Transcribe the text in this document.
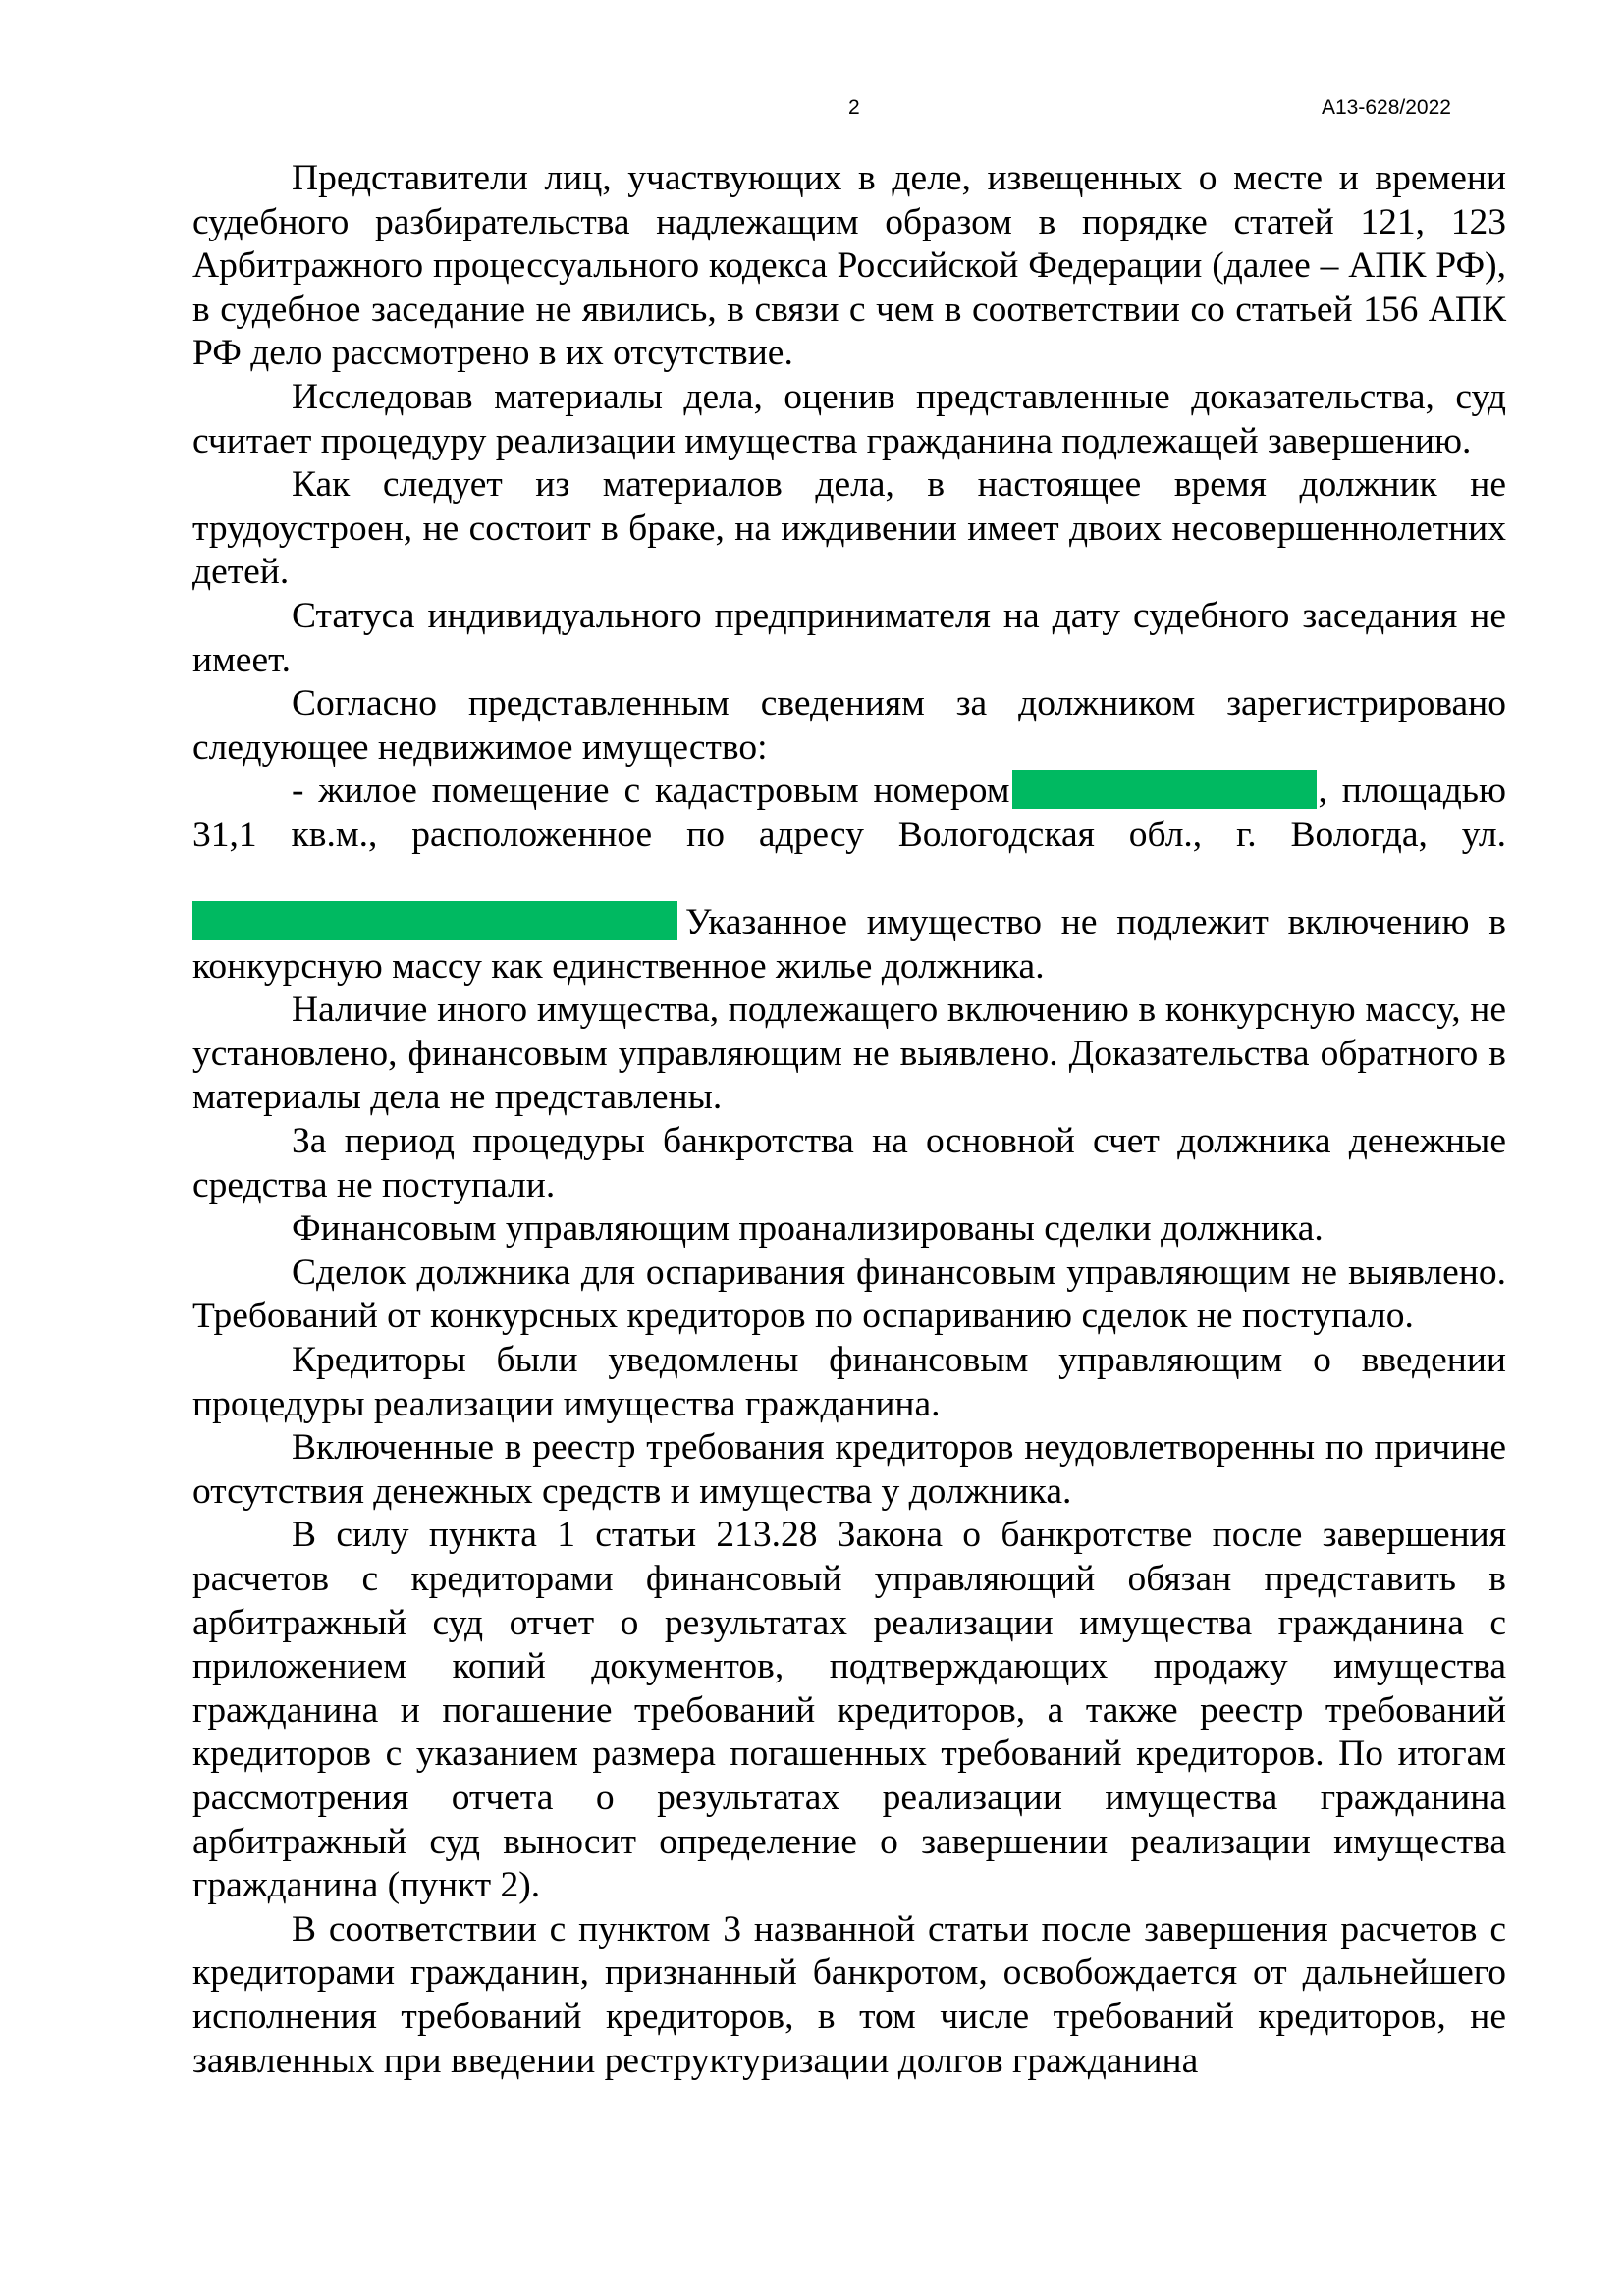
2	А13-628/2022

Представители лиц, участвующих в деле, извещенных о месте и времени судебного разбирательства надлежащим образом в порядке статей 121, 123 Арбитражного процессуального кодекса Российской Федерации (далее – АПК РФ), в судебное заседание не явились, в связи с чем в соответствии со статьей 156 АПК РФ дело рассмотрено в их отсутствие.

Исследовав материалы дела, оценив представленные доказательства, суд считает процедуру реализации имущества гражданина подлежащей завершению.

Как следует из материалов дела, в настоящее время должник не трудоустроен, не состоит в браке, на иждивении имеет двоих несовершеннолетних детей.

Статуса индивидуального предпринимателя на дату судебного заседания не имеет.

Согласно представленным сведениям за должником зарегистрировано следующее недвижимое имущество:

- жилое помещение с кадастровым номером	, площадью 31,1 кв.м., расположенное по адресу Вологодская обл., г. Вологда, ул. Указанное имущество не подлежит включению в конкурсную массу как единственное жилье должника.

Наличие иного имущества, подлежащего включению в конкурсную массу, не установлено, финансовым управляющим не выявлено. Доказательства обратного в материалы дела не представлены.

За период процедуры банкротства на основной счет должника денежные средства не поступали.

Финансовым управляющим проанализированы сделки должника.

Сделок должника для оспаривания финансовым управляющим не выявлено. Требований от конкурсных кредиторов по оспариванию сделок не поступало.

Кредиторы были уведомлены финансовым управляющим о введении процедуры реализации имущества гражданина.

Включенные в реестр требования кредиторов неудовлетворенны по причине отсутствия денежных средств и имущества у должника.

В силу пункта 1 статьи 213.28 Закона о банкротстве после завершения расчетов с кредиторами финансовый управляющий обязан представить в арбитражный суд отчет о результатах реализации имущества гражданина с приложением копий документов, подтверждающих продажу имущества гражданина и погашение требований кредиторов, а также реестр требований кредиторов с указанием размера погашенных требований кредиторов. По итогам рассмотрения отчета о результатах реализации имущества гражданина арбитражный суд выносит определение о завершении реализации имущества гражданина (пункт 2).

В соответствии с пунктом 3 названной статьи после завершения расчетов с кредиторами гражданин, признанный банкротом, освобождается от дальнейшего исполнения требований кредиторов, в том числе требований кредиторов, не заявленных при введении реструктуризации долгов гражданина
